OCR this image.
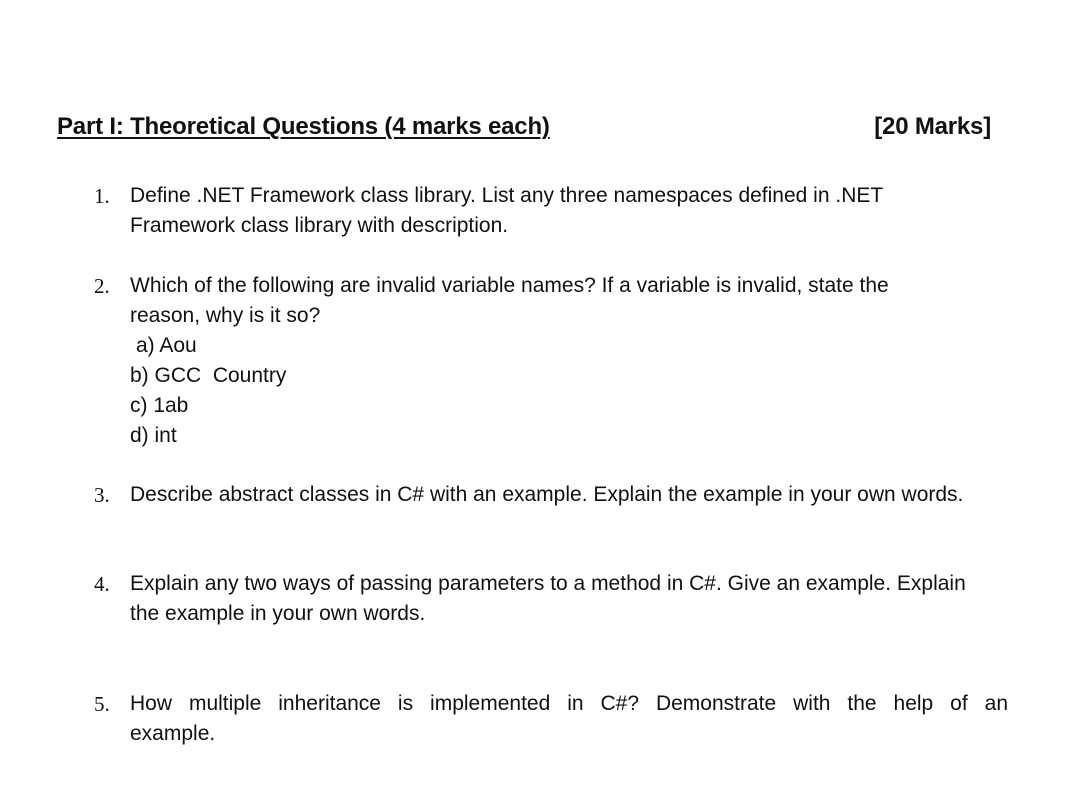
Part I: Theoretical Questions (4 marks each)	[20 Marks]
1. Define .NET Framework class library. List any three namespaces defined in .NET
Framework class library with description.
2. Which of the following are invalid variable names? If a variable is invalid, state the
reason, why is it so?
a) Aou
b) GCC  Country
c) 1ab
d) int
3. Describe abstract classes in C# with an example. Explain the example in your own words.
4. Explain any two ways of passing parameters to a method in C#. Give an example. Explain
the example in your own words.
5. How multiple inheritance is implemented in C#? Demonstrate with the help of an
example.
